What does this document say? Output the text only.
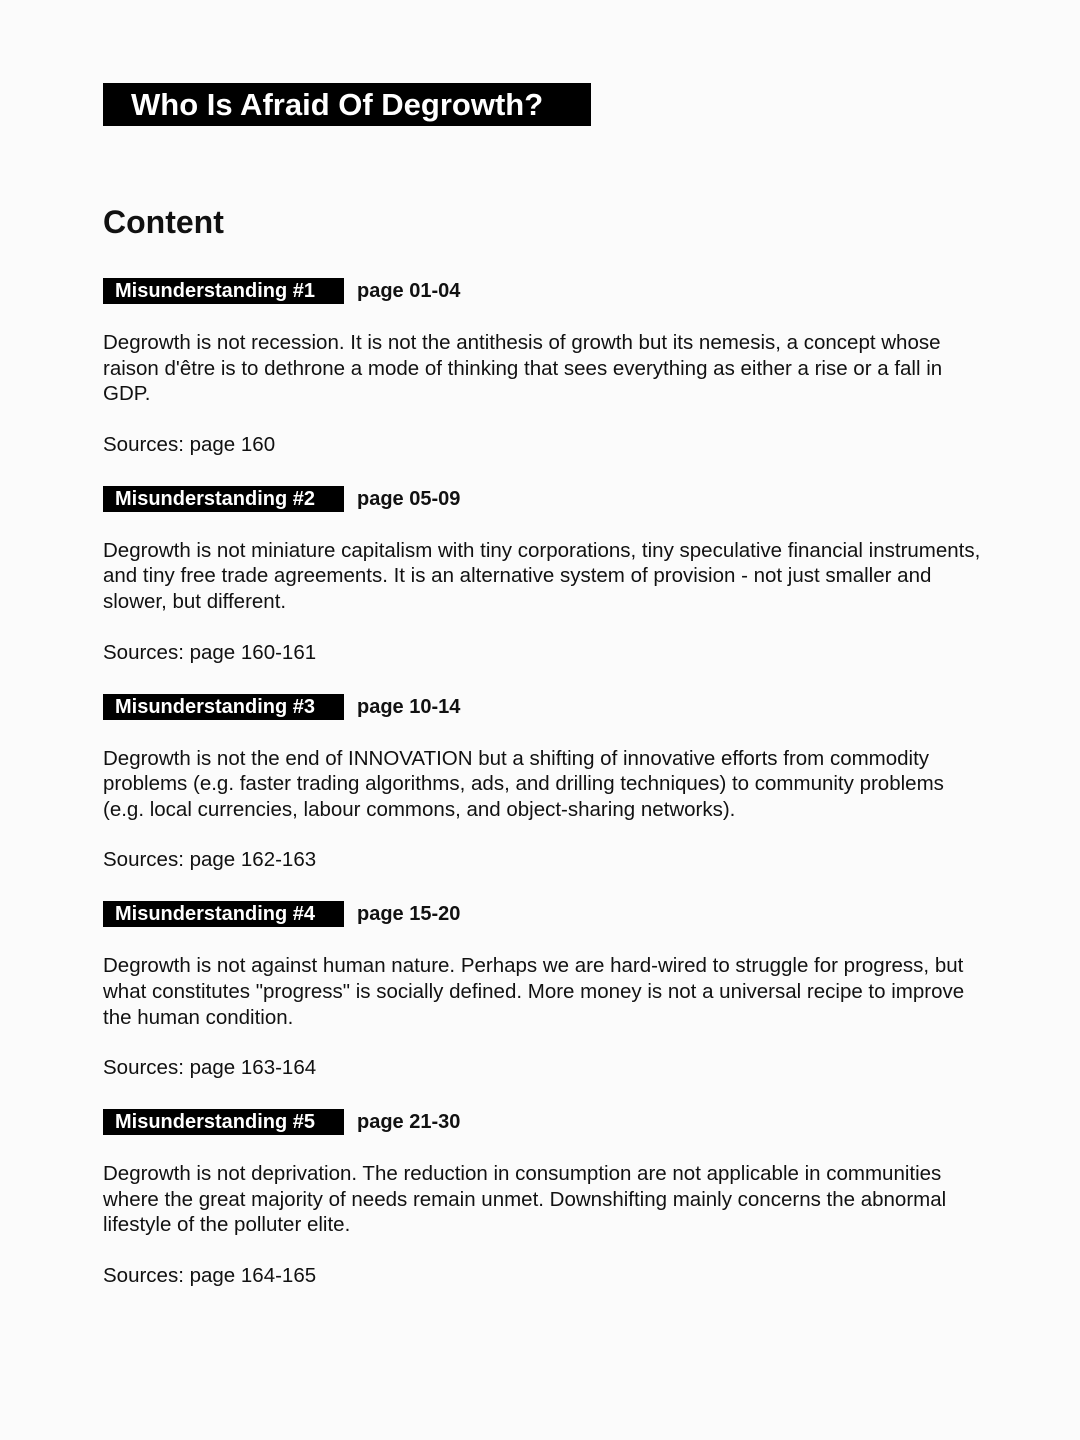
Who Is Afraid Of Degrowth?
Content
Misunderstanding #1	page 01-04

Degrowth is not recession. It is not the antithesis of growth but its nemesis, a concept whose raison d'être is to dethrone a mode of thinking that sees everything as either a rise or a fall in GDP.

Sources: page 160

Misunderstanding #2	page 05-09

Degrowth is not miniature capitalism with tiny corporations, tiny speculative financial instruments, and tiny free trade agreements. It is an alternative system of provision - not just smaller and slower, but different.

Sources: page 160-161

Misunderstanding #3	page 10-14

Degrowth is not the end of INNOVATION but a shifting of innovative efforts from commodity problems (e.g. faster trading algorithms, ads, and drilling techniques) to community problems (e.g. local currencies, labour commons, and object-sharing networks).

Sources: page 162-163

Misunderstanding #4	page 15-20

Degrowth is not against human nature. Perhaps we are hard-wired to struggle for progress, but what constitutes "progress" is socially defined. More money is not a universal recipe to improve the human condition.

Sources: page 163-164

Misunderstanding #5	page 21-30

Degrowth is not deprivation. The reduction in consumption are not applicable in communities where the great majority of needs remain unmet. Downshifting mainly concerns the abnormal lifestyle of the polluter elite.

Sources: page 164-165
